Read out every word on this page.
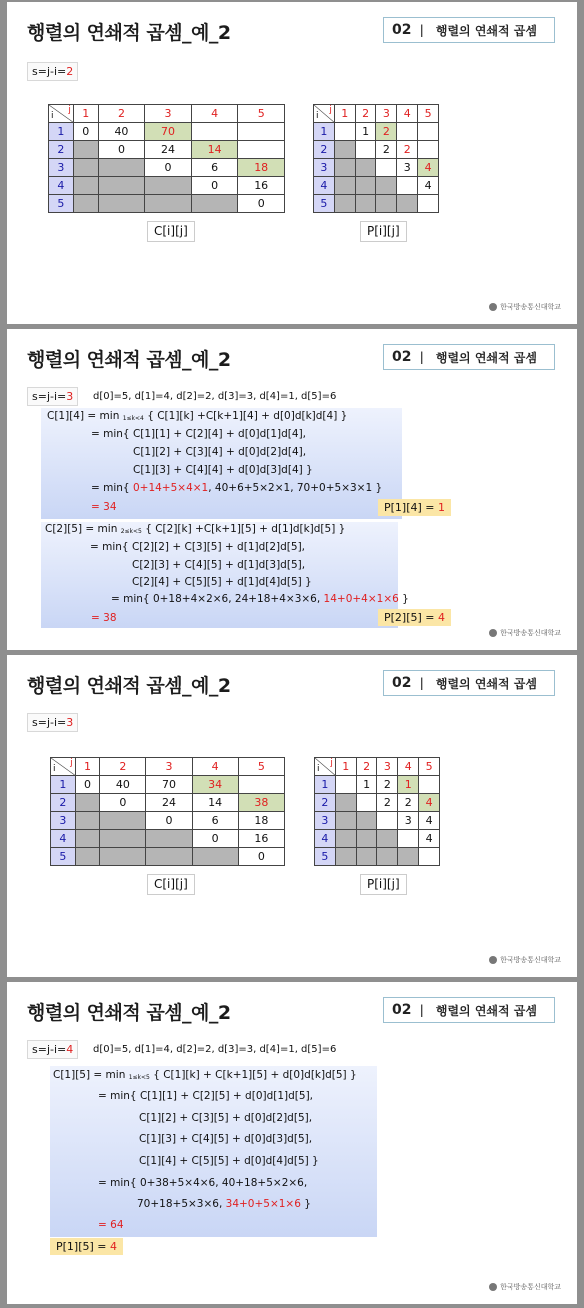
행렬의 연쇄적 곱셈_예_2	02 | 행렬의 연쇄적 곱셈
s=j-i=2
i
j	1	2	3	4	5
1	0	40	70		
2		0	24	14	
3			0	6	18
4				0	16
5					0
i
j	1	2	3	4	5
1		1	2		
2			2	2	
3				3	4
4					4
5					
C[i][j]	P[i][j]
한국방송통신대학교
행렬의 연쇄적 곱셈_예_2	02 | 행렬의 연쇄적 곱셈
s=j-i=3	d[0]=5, d[1]=4, d[2]=2, d[3]=3, d[4]=1, d[5]=6
C[1][4] = min $_{1\le k<4}$ { C[1][k] +C[k+1][4] + d[0]d[k]d[4] }
= min{ C[1][1] + C[2][4] + d[0]d[1]d[4],
C[1][2] + C[3][4] + d[0]d[2]d[4],
C[1][3] + C[4][4] + d[0]d[3]d[4] }
= min{ 0+14+5×4×1, 40+6+5×2×1, 70+0+5×3×1 }
= 34	P[1][4] = 1
C[2][5] = min $_{2\le k<5}$ { C[2][k] +C[k+1][5] + d[1]d[k]d[5] }
= min{ C[2][2] + C[3][5] + d[1]d[2]d[5],
C[2][3] + C[4][5] + d[1]d[3]d[5],
C[2][4] + C[5][5] + d[1]d[4]d[5] }
= min{ 0+18+4×2×6, 24+18+4×3×6, 14+0+4×1×6 }
= 38	P[2][5] = 4
한국방송통신대학교
행렬의 연쇄적 곱셈_예_2	02 | 행렬의 연쇄적 곱셈
s=j-i=3
i
j	1	2	3	4	5
1	0	40	70	34	
2		0	24	14	38
3			0	6	18
4				0	16
5					0
i
j	1	2	3	4	5
1		1	2	1	
2			2	2	4
3				3	4
4					4
5					
C[i][j]	P[i][j]
한국방송통신대학교
행렬의 연쇄적 곱셈_예_2	02 | 행렬의 연쇄적 곱셈
s=j-i=4	d[0]=5, d[1]=4, d[2]=2, d[3]=3, d[4]=1, d[5]=6
C[1][5] = min $_{1\le k<5}$ { C[1][k] + C[k+1][5] + d[0]d[k]d[5] }
= min{ C[1][1] + C[2][5] + d[0]d[1]d[5],
C[1][2] + C[3][5] + d[0]d[2]d[5],
C[1][3] + C[4][5] + d[0]d[3]d[5],
C[1][4] + C[5][5] + d[0]d[4]d[5] }
= min{ 0+38+5×4×6, 40+18+5×2×6,
70+18+5×3×6, 34+0+5×1×6 }
= 64
P[1][5] = 4
한국방송통신대학교
